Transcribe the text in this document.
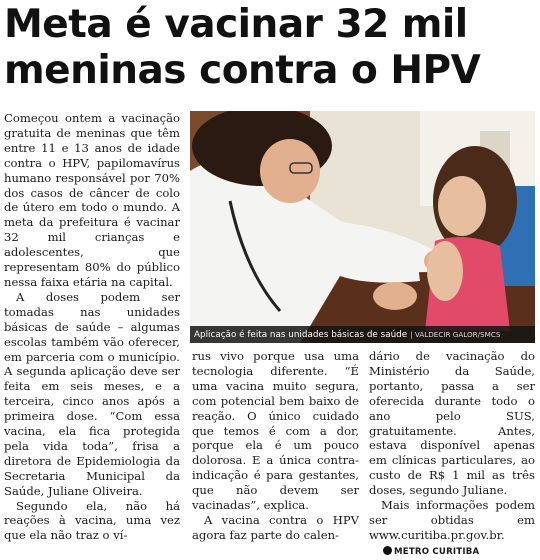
Meta é vacinar 32 mil
meninas contra o HPV

Começou ontem a vacinação gratuita de meninas que têm entre 11 e 13 anos de idade contra o HPV, papilomavírus humano responsável por 70% dos casos de câncer de colo de útero em todo o mundo. A meta da prefeitura é vacinar 32 mil crianças e adolescentes, que representam 80% do público nessa faixa etária na capital.

A doses podem ser tomadas nas unidades básicas de saúde – algumas escolas também vão oferecer, em parceria com o município. A segunda aplicação deve ser feita em seis meses, e a terceira, cinco anos após a primeira dose. “Com essa vacina, ela fica protegida pela vida toda”, frisa a diretora de Epidemiologia da Secretaria Municipal da Saúde, Juliane Oliveira.

Segundo ela, não há reações à vacina, uma vez que ela não traz o ví-

Aplicação é feita nas unidades básicas de saúde | VALDECIR GALOR/SMCS

rus vivo porque usa uma tecnologia diferente. “É uma vacina muito segura, com potencial bem baixo de reação. O único cuidado que temos é com a dor, porque ela é um pouco dolorosa. E a única contra-indicação é para gestantes, que não devem ser vacinadas”, explica.

A vacina contra o HPV agora faz parte do calen-

dário de vacinação do Ministério da Saúde, portanto, passa a ser oferecida durante todo o ano pelo SUS, gratuitamente. Antes, estava disponível apenas em clínicas particulares, ao custo de R$ 1 mil as três doses, segundo Juliane.

Mais informações podem ser obtidas em www.curitiba.pr.gov.br. METRO CURITIBA
